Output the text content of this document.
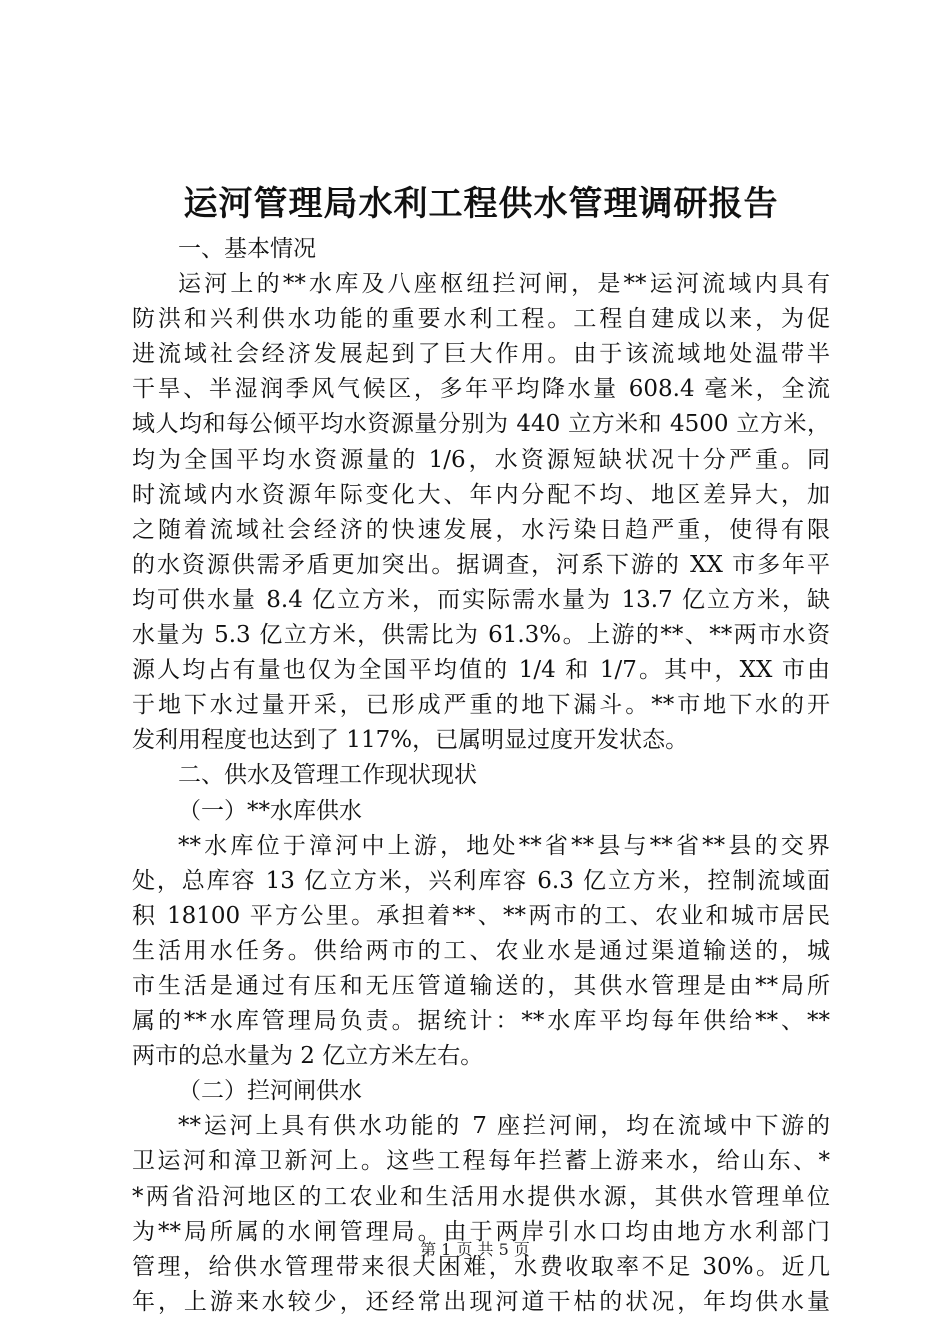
运河管理局水利工程供水管理调研报告
一、基本情况
运河上的**水库及八座枢纽拦河闸，是**运河流域内具有
防洪和兴利供水功能的重要水利工程。工程自建成以来，为促
进流域社会经济发展起到了巨大作用。由于该流域地处温带半
干旱、半湿润季风气候区，多年平均降水量 608.4 毫米，全流
域人均和每公倾平均水资源量分别为 440 立方米和 4500 立方米，
均为全国平均水资源量的 1/6，水资源短缺状况十分严重。同
时流域内水资源年际变化大、年内分配不均、地区差异大，加
之随着流域社会经济的快速发展，水污染日趋严重，使得有限
的水资源供需矛盾更加突出。据调查，河系下游的 XX 市多年平
均可供水量 8.4 亿立方米，而实际需水量为 13.7 亿立方米，缺
水量为 5.3 亿立方米，供需比为 61.3%。上游的**、**两市水资
源人均占有量也仅为全国平均值的 1/4 和 1/7。其中，XX 市由
于地下水过量开采，已形成严重的地下漏斗。**市地下水的开
发利用程度也达到了 117%，已属明显过度开发状态。
二、供水及管理工作现状现状
（一）**水库供水
**水库位于漳河中上游，地处**省**县与**省**县的交界
处，总库容 13 亿立方米，兴利库容 6.3 亿立方米，控制流域面
积 18100 平方公里。承担着**、**两市的工、农业和城市居民
生活用水任务。供给两市的工、农业水是通过渠道输送的，城
市生活是通过有压和无压管道输送的，其供水管理是由**局所
属的**水库管理局负责。据统计：**水库平均每年供给**、**
两市的总水量为 2 亿立方米左右。
（二）拦河闸供水
**运河上具有供水功能的 7 座拦河闸，均在流域中下游的
卫运河和漳卫新河上。这些工程每年拦蓄上游来水，给山东、*
*两省沿河地区的工农业和生活用水提供水源，其供水管理单位
为**局所属的水闸管理局。由于两岸引水口均由地方水利部门
管理，给供水管理带来很大困难，水费收取率不足 30%。近几
年，上游来水较少，还经常出现河道干枯的状况，年均供水量
第 1 页 共 5 页
